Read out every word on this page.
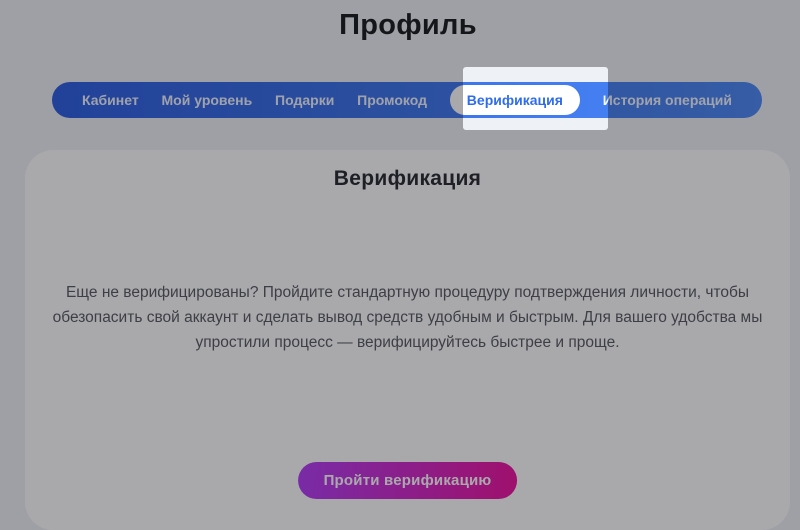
Профиль
Кабинет Мой уровень Подарки Промокод	Верификация	История операций
Верификация
Еще не верифицированы? Пройдите стандартную процедуру подтверждения личности, чтобы
обезопасить свой аккаунт и сделать вывод средств удобным и быстрым. Для вашего удобства мы
упростили процесс — верифицируйтесь быстрее и проще.
Пройти верификацию
